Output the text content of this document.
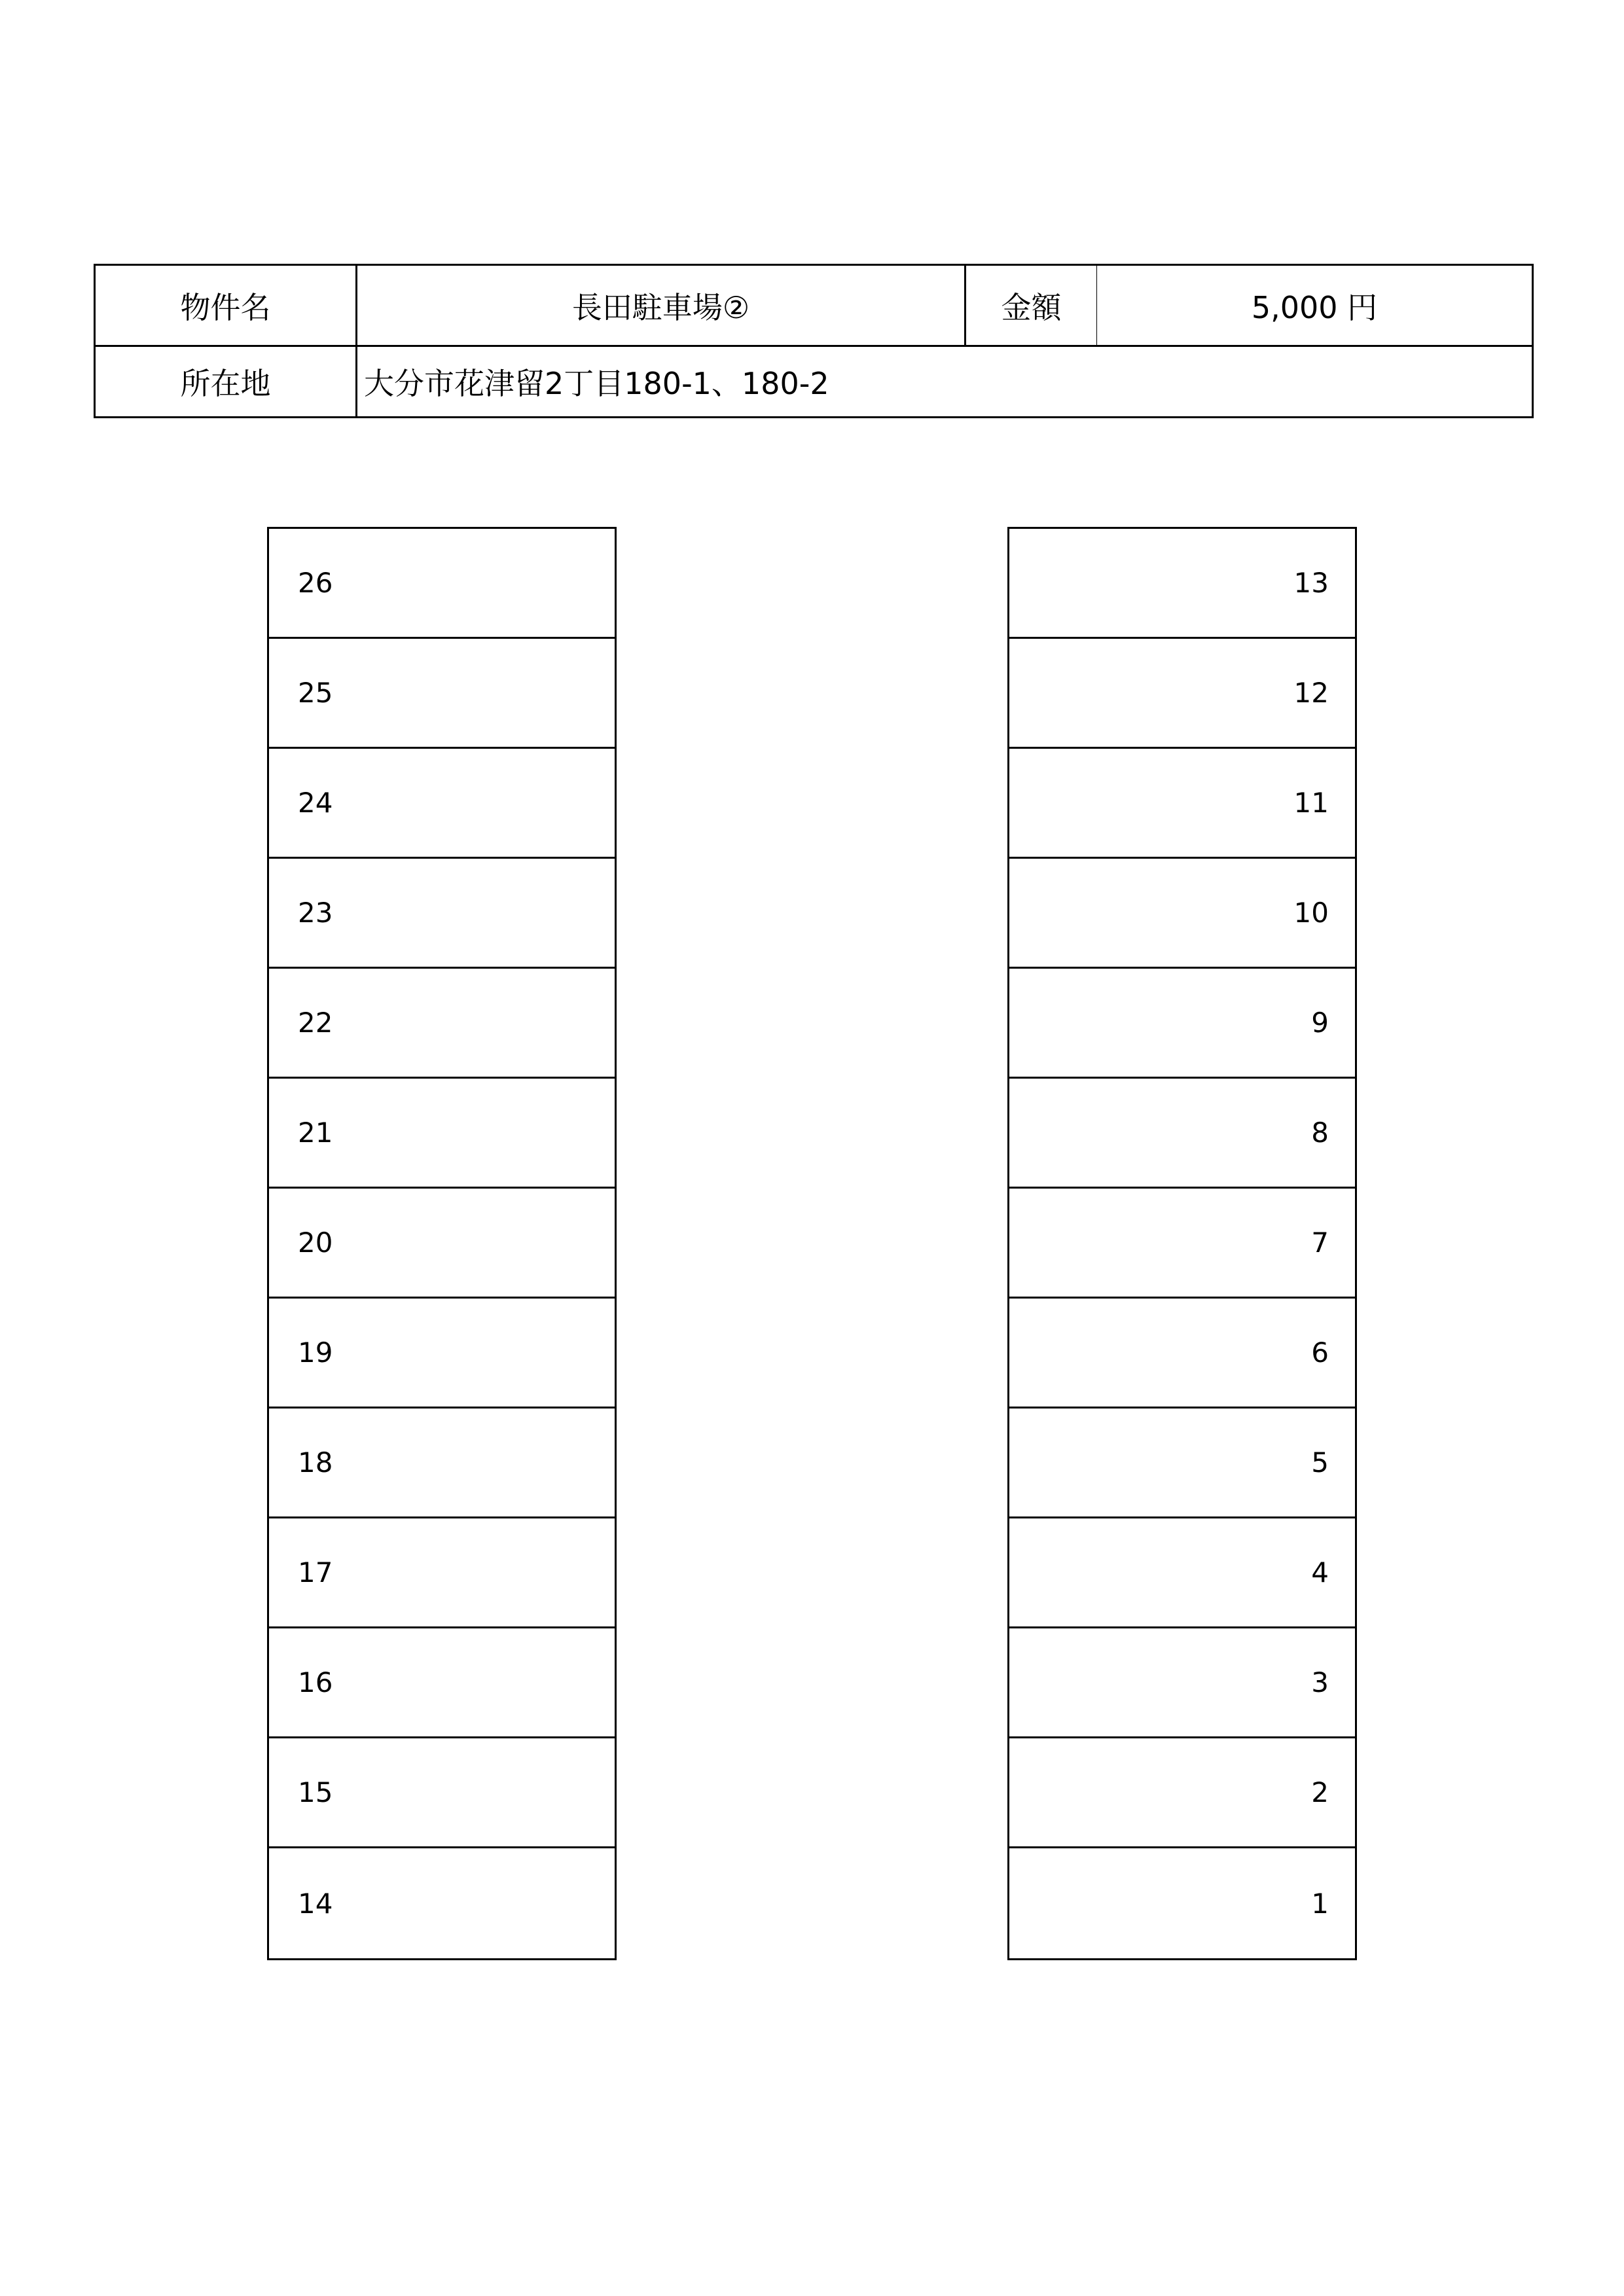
物件名	長田駐車場②	金額	5,000 円
所在地	大分市花津留2丁目180-1、180-2
26
25
24
23
22
21
20
19
18
17
16
15
14
13
12
11
10
9
8
7
6
5
4
3
2
1
